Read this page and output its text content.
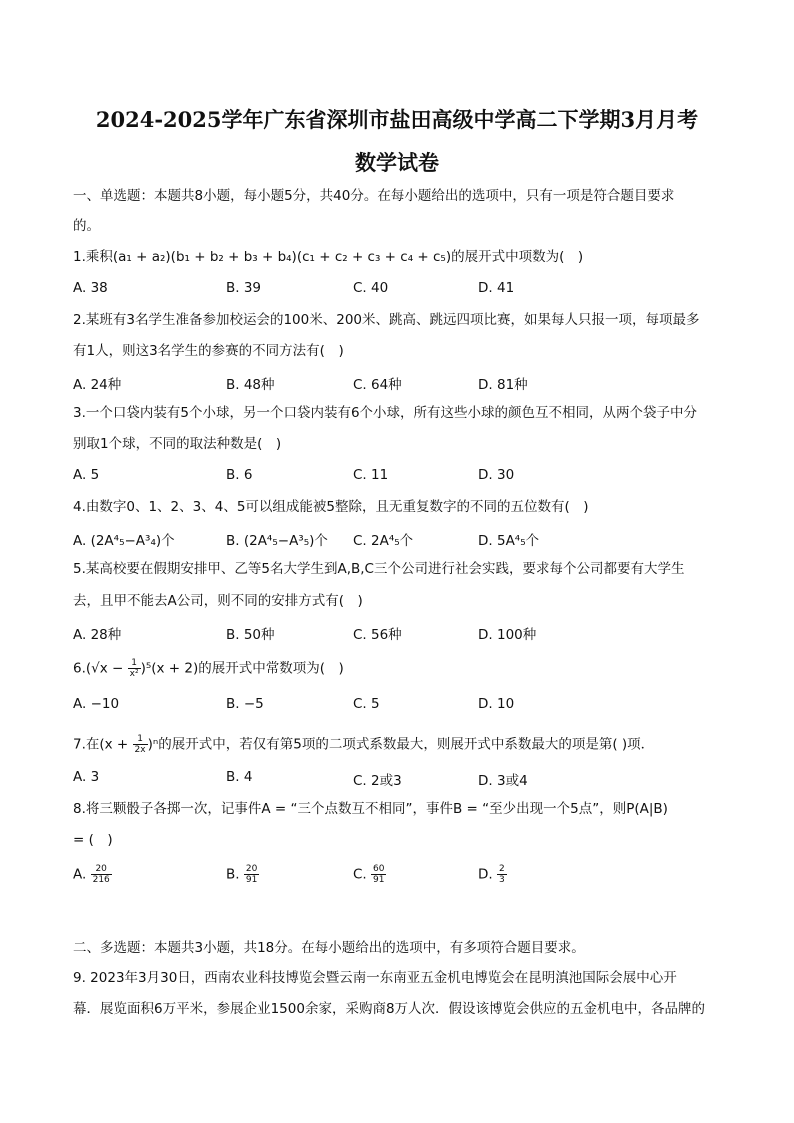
2024-2025学年广东省深圳市盐田高级中学高二下学期3月月考
数学试卷
一、单选题：本题共8小题，每小题5分，共40分。在每小题给出的选项中，只有一项是符合题目要求
的。
1.乘积(a₁ + a₂)(b₁ + b₂ + b₃ + b₄)(c₁ + c₂ + c₃ + c₄ + c₅)的展开式中项数为(　)
A. 38	B. 39	C. 40	D. 41
2.某班有3名学生准备参加校运会的100米、200米、跳高、跳远四项比赛，如果每人只报一项，每项最多
有1人，则这3名学生的参赛的不同方法有(　)
A. 24种	B. 48种	C. 64种	D. 81种
3.一个口袋内装有5个小球，另一个口袋内装有6个小球，所有这些小球的颜色互不相同，从两个袋子中分
别取1个球，不同的取法种数是(　)
A. 5	B. 6	C. 11	D. 30
4.由数字0、1、2、3、4、5可以组成能被5整除，且无重复数字的不同的五位数有(　)
A. (2A⁴₅−A³₄)个	B. (2A⁴₅−A³₅)个 C. 2A⁴₅个	D. 5A⁴₅个
5.某高校要在假期安排甲、乙等5名大学生到A,B,C三个公司进行社会实践，要求每个公司都要有大学生
去，且甲不能去A公司，则不同的安排方式有(　)
A. 28种	B. 50种	C. 56种	D. 100种
$6.(√x - \frac{1}{\text{x²}} )^5(x + 2)$的展开式中常数项为(　)
A. −10	B. −5	C. 5	D. 10
7.在$(x + \frac{1}{2x} )^n$的展开式中，若仅有第5项的二项式系数最大，则展开式中系数最大的项是第( )项．
A. 3	B. 4	C. 2或3	D. 3或4
8.将三颗骰子各掷一次，记事件A = “三个点数互不相同”，事件B = “至少出现一个5点”，则P(A|B)
= (　)
A. $\frac{20}{216}$	B. $\frac{20}{91}$	C. $\frac{60}{91}$	D. $\frac{2}{3}$
二、多选题：本题共3小题，共18分。在每小题给出的选项中，有多项符合题目要求。
9. 2023年3月30日，西南农业科技博览会暨云南一东南亚五金机电博览会在昆明滇池国际会展中心开
幕．展览面积6万平米，参展企业1500余家，采购商8万人次．假设该博览会供应的五金机电中，各品牌的
